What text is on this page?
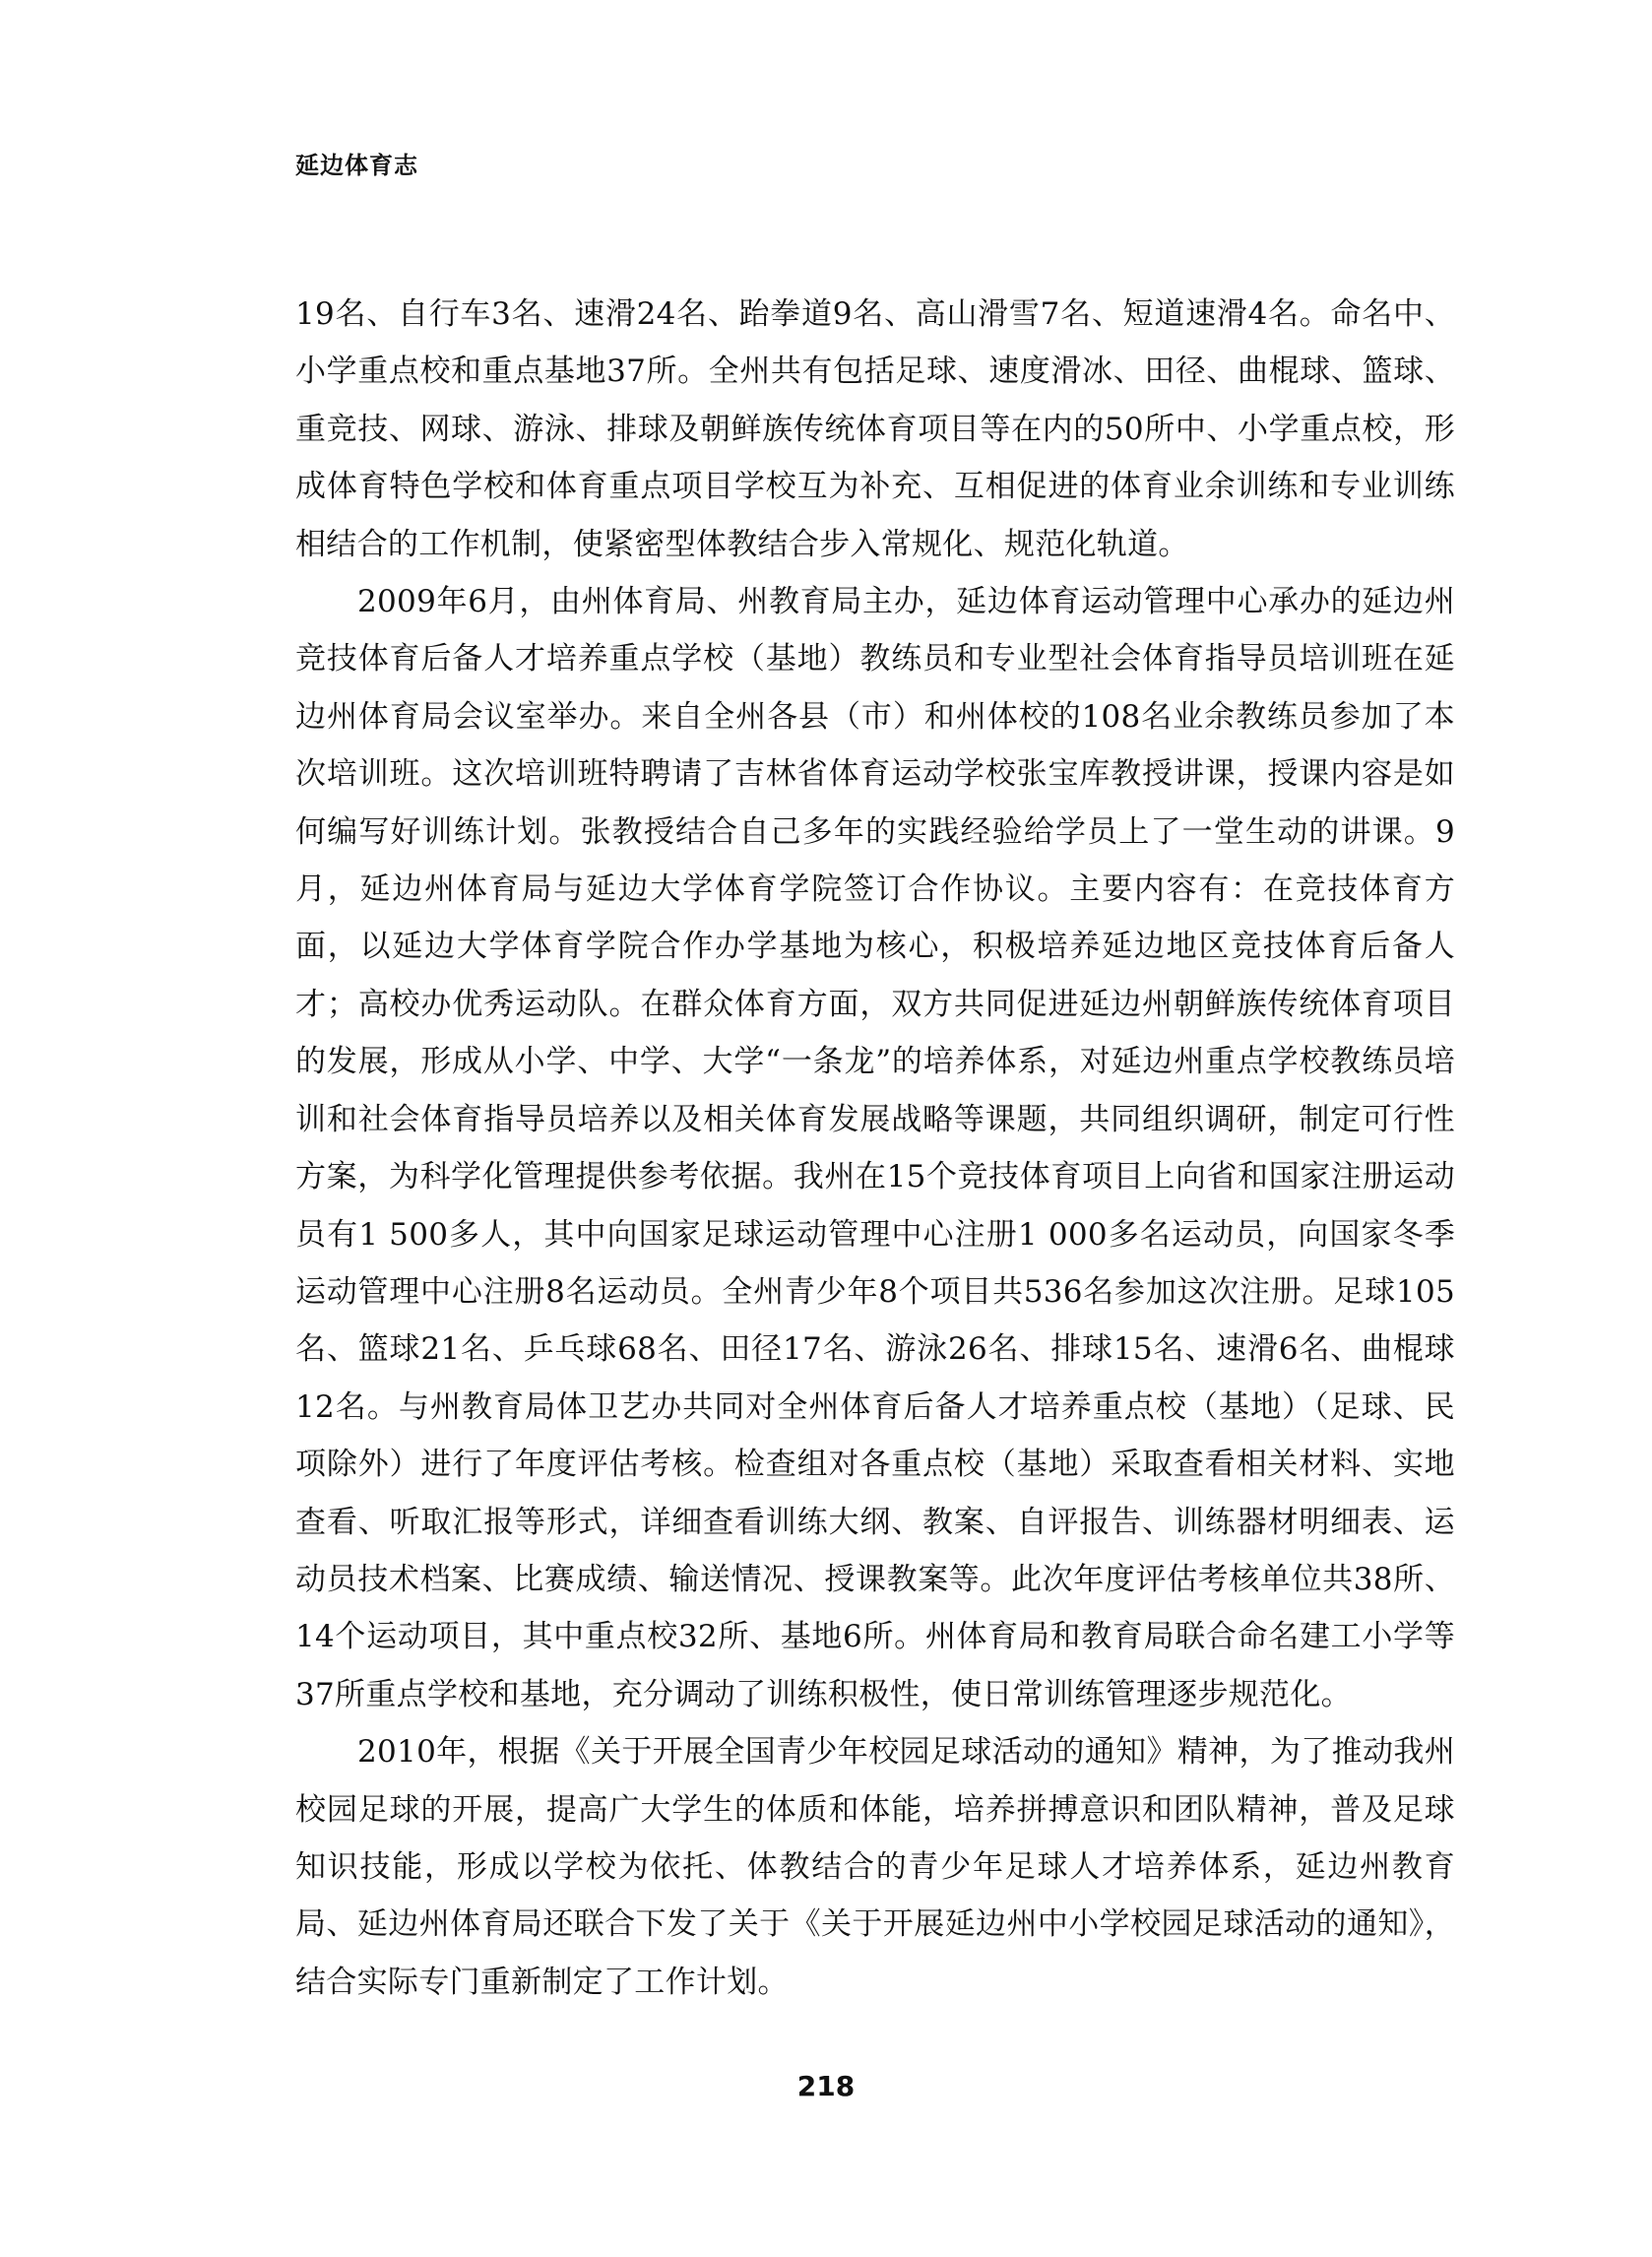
延边体育志

19名、自行车3名、速滑24名、跆拳道9名、高山滑雪7名、短道速滑4名。命名中、小学重点校和重点基地37所。全州共有包括足球、速度滑冰、田径、曲棍球、篮球、重竞技、网球、游泳、排球及朝鲜族传统体育项目等在内的50所中、小学重点校，形成体育特色学校和体育重点项目学校互为补充、互相促进的体育业余训练和专业训练相结合的工作机制，使紧密型体教结合步入常规化、规范化轨道。

2009年6月，由州体育局、州教育局主办，延边体育运动管理中心承办的延边州竞技体育后备人才培养重点学校（基地）教练员和专业型社会体育指导员培训班在延边州体育局会议室举办。来自全州各县（市）和州体校的108名业余教练员参加了本次培训班。这次培训班特聘请了吉林省体育运动学校张宝库教授讲课，授课内容是如何编写好训练计划。张教授结合自己多年的实践经验给学员上了一堂生动的讲课。9月，延边州体育局与延边大学体育学院签订合作协议。主要内容有：在竞技体育方面，以延边大学体育学院合作办学基地为核心，积极培养延边地区竞技体育后备人才；高校办优秀运动队。在群众体育方面，双方共同促进延边州朝鲜族传统体育项目的发展，形成从小学、中学、大学“一条龙”的培养体系，对延边州重点学校教练员培训和社会体育指导员培养以及相关体育发展战略等课题，共同组织调研，制定可行性方案，为科学化管理提供参考依据。我州在15个竞技体育项目上向省和国家注册运动员有1 500多人，其中向国家足球运动管理中心注册1 000多名运动员，向国家冬季运动管理中心注册8名运动员。全州青少年8个项目共536名参加这次注册。足球105名、篮球21名、乒乓球68名、田径17名、游泳26名、排球15名、速滑6名、曲棍球12名。与州教育局体卫艺办共同对全州体育后备人才培养重点校（基地）（足球、民项除外）进行了年度评估考核。检查组对各重点校（基地）采取查看相关材料、实地查看、听取汇报等形式，详细查看训练大纲、教案、自评报告、训练器材明细表、运动员技术档案、比赛成绩、输送情况、授课教案等。此次年度评估考核单位共38所、14个运动项目，其中重点校32所、基地6所。州体育局和教育局联合命名建工小学等37所重点学校和基地，充分调动了训练积极性，使日常训练管理逐步规范化。

2010年，根据《关于开展全国青少年校园足球活动的通知》精神，为了推动我州校园足球的开展，提高广大学生的体质和体能，培养拼搏意识和团队精神，普及足球知识技能，形成以学校为依托、体教结合的青少年足球人才培养体系，延边州教育局、延边州体育局还联合下发了关于《关于开展延边州中小学校园足球活动的通知》，结合实际专门重新制定了工作计划。

218
